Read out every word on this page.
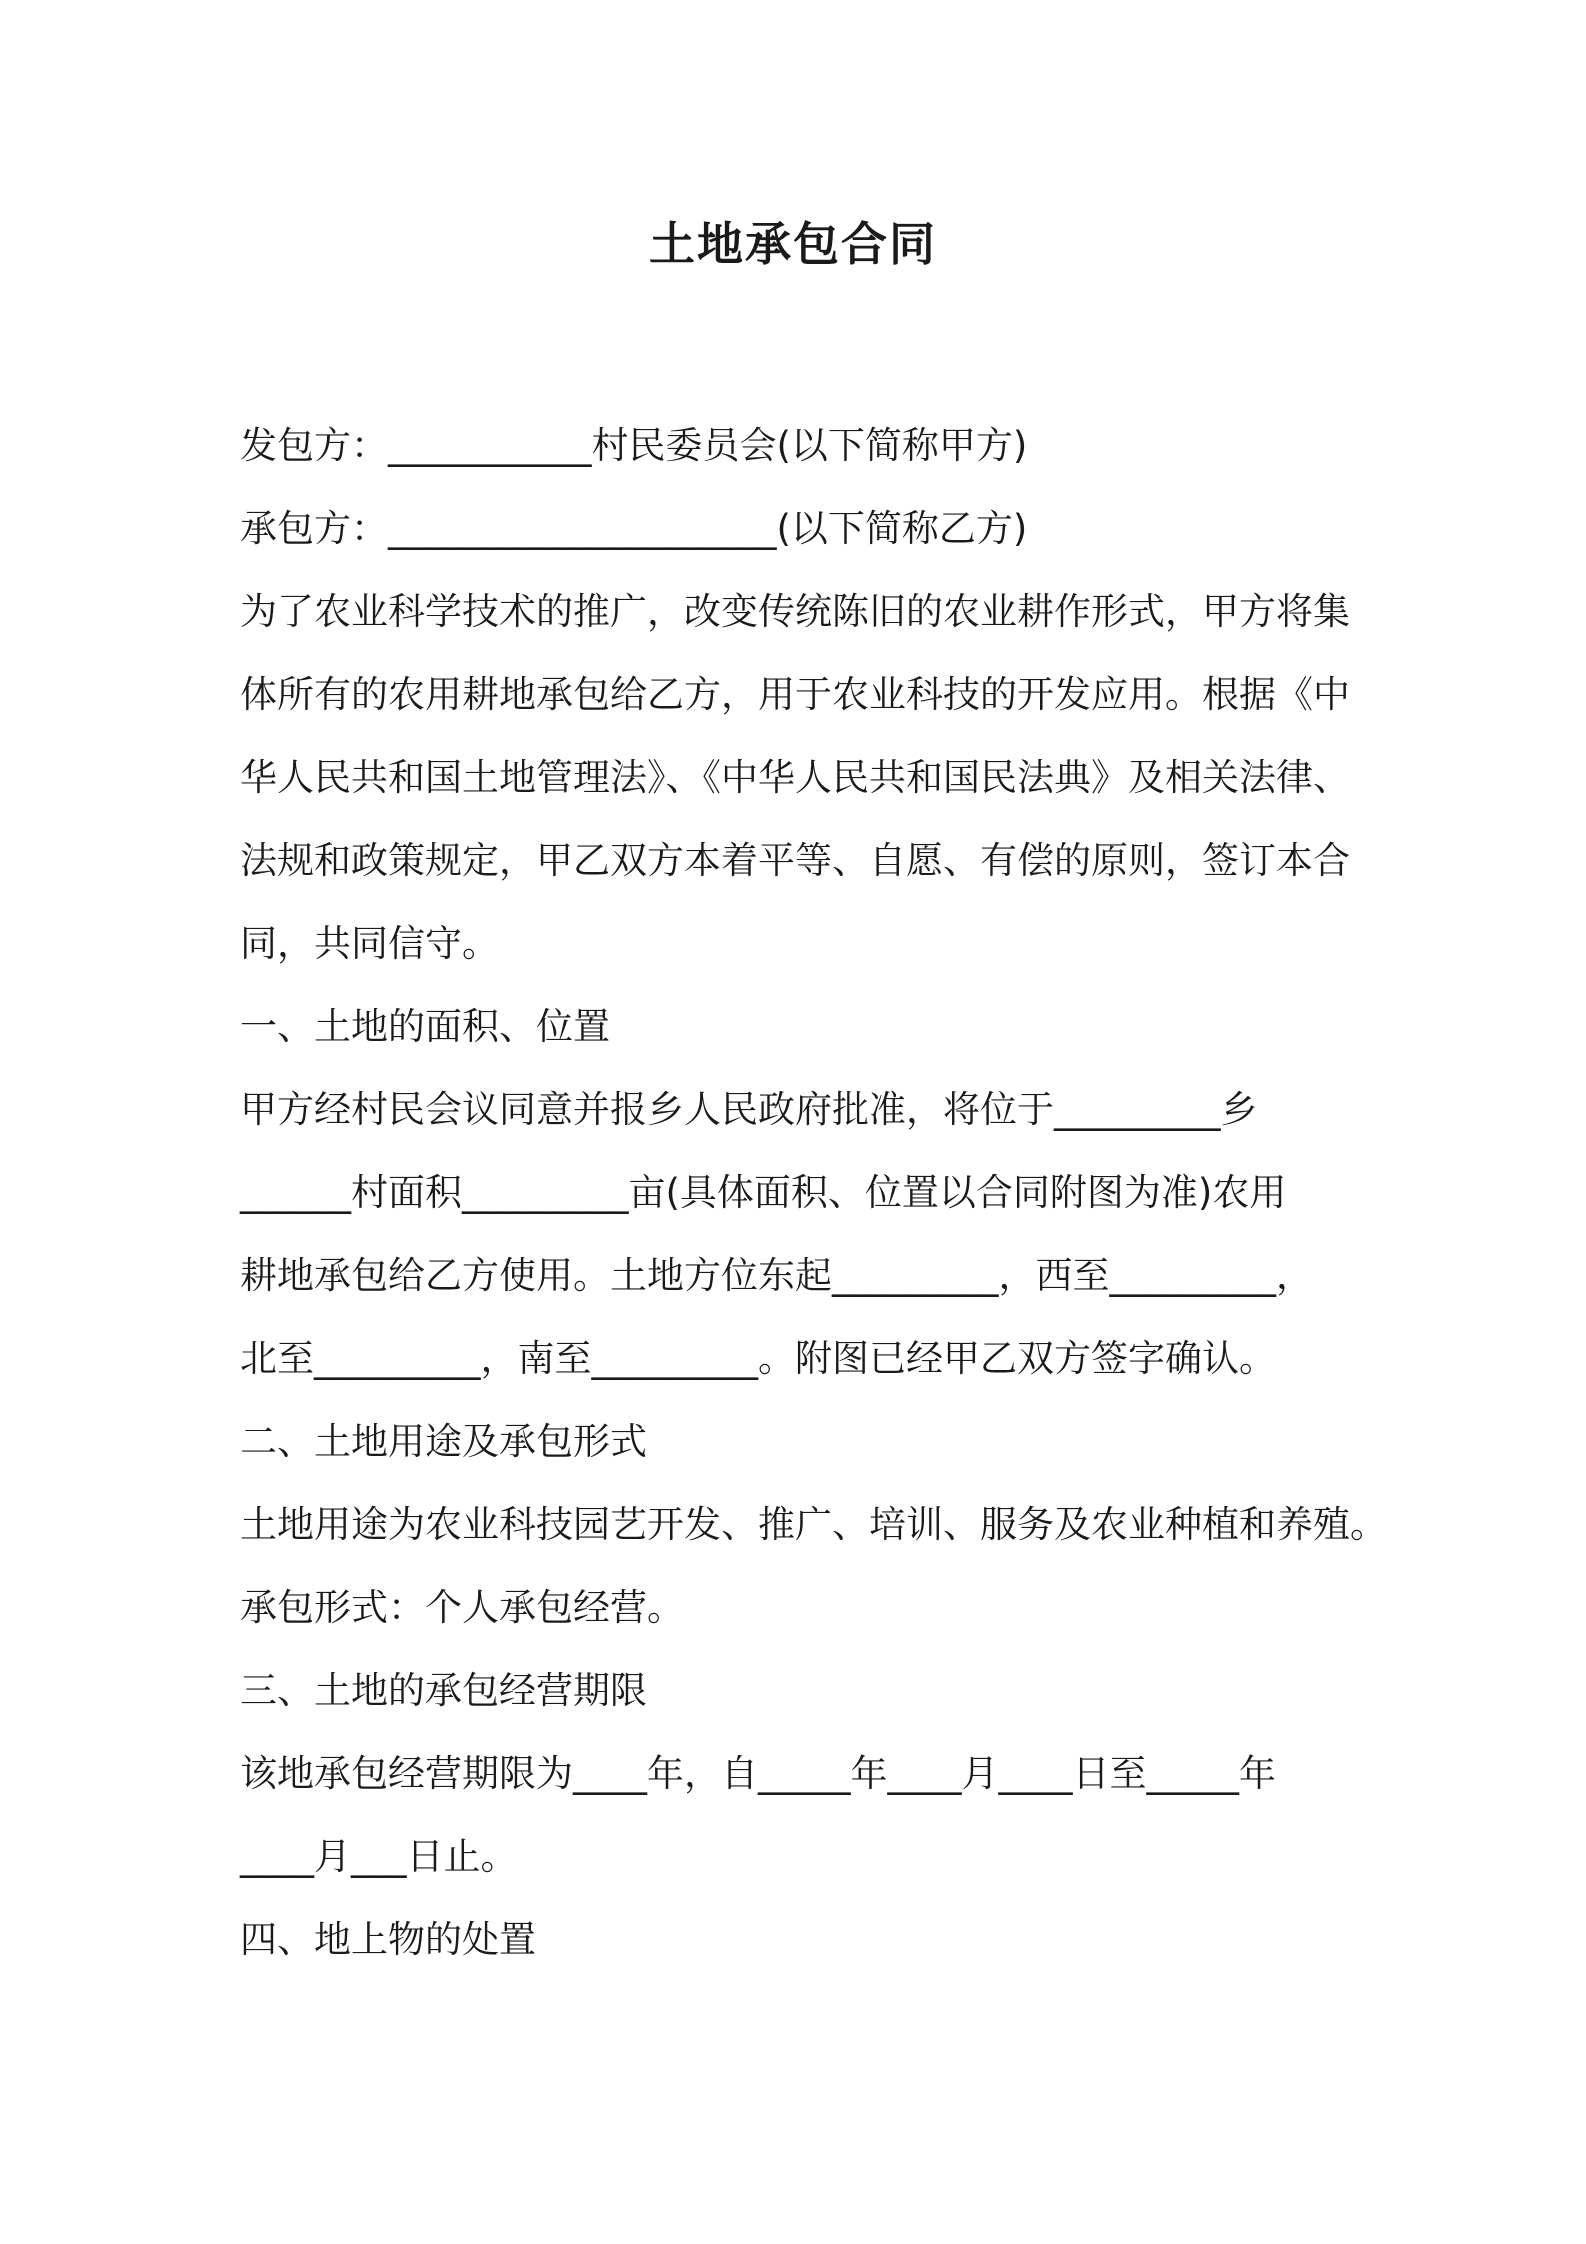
土地承包合同
发包方：___________村民委员会(以下简称甲方)
承包方：_____________________(以下简称乙方)
为了农业科学技术的推广，改变传统陈旧的农业耕作形式，甲方将集
体所有的农用耕地承包给乙方，用于农业科技的开发应用。根据《中
华人民共和国土地管理法》、《中华人民共和国民法典》及相关法律、
法规和政策规定，甲乙双方本着平等、自愿、有偿的原则，签订本合
同，共同信守。
一、土地的面积、位置
甲方经村民会议同意并报乡人民政府批准，将位于_________乡
______村面积_________亩(具体面积、位置以合同附图为准)农用
耕地承包给乙方使用。土地方位东起_________，西至_________，
北至_________，南至_________。附图已经甲乙双方签字确认。
二、土地用途及承包形式
土地用途为农业科技园艺开发、推广、培训、服务及农业种植和养殖。
承包形式：个人承包经营。
三、土地的承包经营期限
该地承包经营期限为____年，自_____年____月____日至_____年
____月___日止。
四、地上物的处置
